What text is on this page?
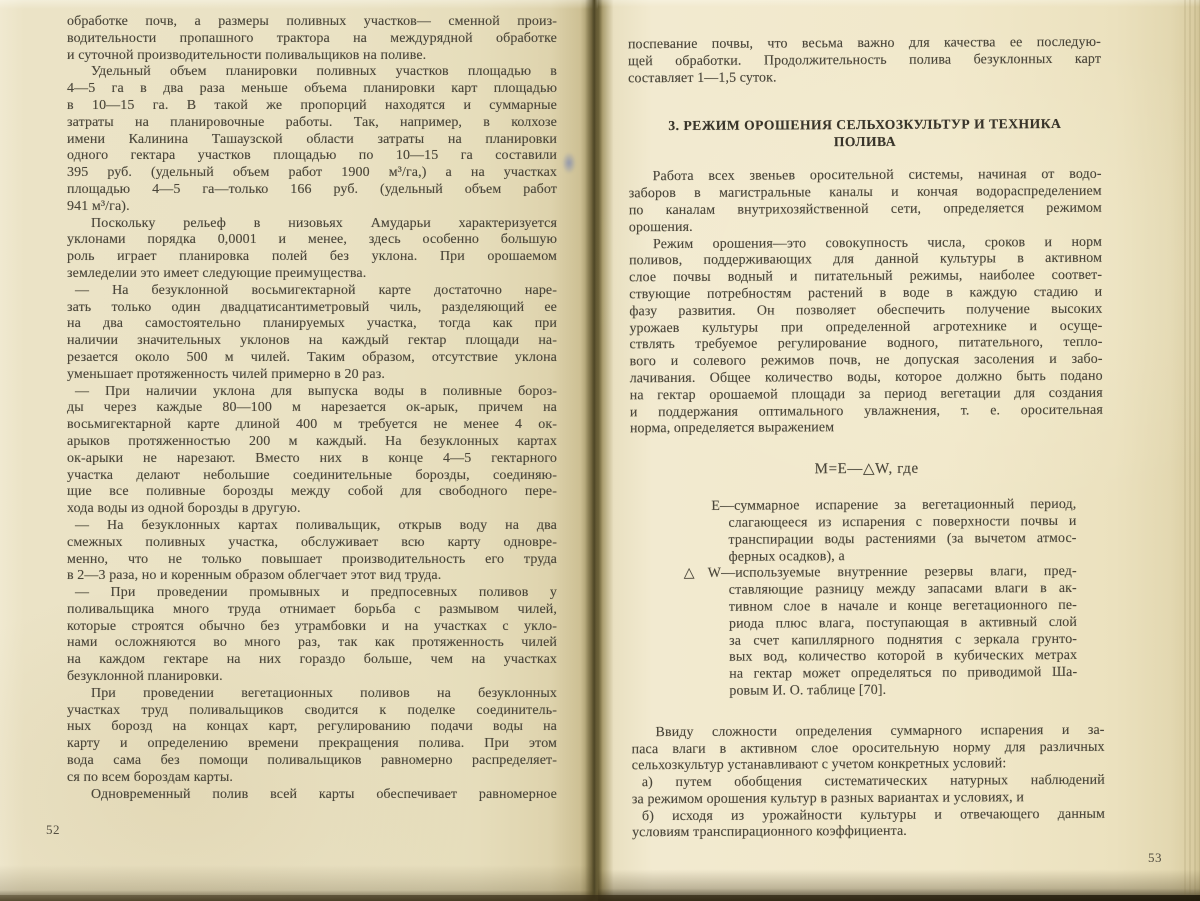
обработке почв, а размеры поливных участков— сменной произ-
водительности пропашного трактора на междурядной обработке
и суточной производительности поливальщиков на поливе.
Удельный объем планировки поливных участков площадью в
4—5 га в два раза меньше объема планировки карт площадью
в 10—15 га. В такой же пропорций находятся и суммарные
затраты на планировочные работы. Так, например, в колхозе
имени Калинина Ташаузской области затраты на планировки
одного гектара участков площадью по 10—15 га составили
395 руб. (удельный объем работ 1900 м³/га,) а на участках
площадью 4—5 га—только 166 руб. (удельный объем работ
941 м³/га).
Поскольку рельеф в низовьях Амударьи характеризуется
уклонами порядка 0,0001 и менее, здесь особенно большую
роль играет планировка полей без уклона. При орошаемом
земледелии это имеет следующие преимущества.
— На безуклонной восьмигектарной карте достаточно наре-
зать только один двадцатисантиметровый чиль, разделяющий ее
на два самостоятельно планируемых участка, тогда как при
наличии значительных уклонов на каждый гектар площади на-
резается около 500 м чилей. Таким образом, отсутствие уклона
уменьшает протяженность чилей примерно в 20 раз.
— При наличии уклона для выпуска воды в поливные бороз-
ды через каждые 80—100 м нарезается ок-арык, причем на
восьмигектарной карте длиной 400 м требуется не менее 4 ок-
арыков протяженностью 200 м каждый. На безуклонных картах
ок-арыки не нарезают. Вместо них в конце 4—5 гектарного
участка делают небольшие соединительные борозды, соединяю-
щие все поливные борозды между собой для свободного пере-
хода воды из одной борозды в другую.
— На безуклонных картах поливальщик, открыв воду на два
смежных поливных участка, обслуживает всю карту одновре-
менно, что не только повышает производительность его труда
в 2—3 раза, но и коренным образом облегчает этот вид труда.
— При проведении промывных и предпосевных поливов у
поливальщика много труда отнимает борьба с размывом чилей,
которые строятся обычно без утрамбовки и на участках с укло-
нами осложняются во много раз, так как протяженность чилей
на каждом гектаре на них гораздо больше, чем на участках
безуклонной планировки.
При проведении вегетационных поливов на безуклонных
участках труд поливальщиков сводится к поделке соединитель-
ных борозд на концах карт, регулированию подачи воды на
карту и определению времени прекращения полива. При этом
вода сама без помощи поливальщиков равномерно распределяет-
ся по всем бороздам карты.
Одновременный полив всей карты обеспечивает равномерное
52
поспевание почвы, что весьма важно для качества ее последую-
щей обработки. Продолжительность полива безуклонных карт
составляет 1—1,5 суток.
3. РЕЖИМ ОРОШЕНИЯ СЕЛЬХОЗКУЛЬТУР И ТЕХНИКА
ПОЛИВА
Работа всех звеньев оросительной системы, начиная от водо-
заборов в магистральные каналы и кончая водораспределением
по каналам внутрихозяйственной сети, определяется режимом
орошения.
Режим орошения—это совокупность числа, сроков и норм
поливов, поддерживающих для данной культуры в активном
слое почвы водный и питательный режимы, наиболее соответ-
ствующие потребностям растений в воде в каждую стадию и
фазу развития. Он позволяет обеспечить получение высоких
урожаев культуры при определенной агротехнике и осуще-
ствлять требуемое регулирование водного, питательного, тепло-
вого и солевого режимов почв, не допуская засоления и забо-
лачивания. Общее количество воды, которое должно быть подано
на гектар орошаемой площади за период вегетации для создания
и поддержания оптимального увлажнения, т. е. оросительная
норма, определяется выражением
M=E—△W, где
E—суммарное испарение за вегетационный период,
слагающееся из испарения с поверхности почвы и
транспирации воды растениями (за вычетом атмос-
ферных осадков), а
△W—используемые внутренние резервы влаги, пред-
ставляющие разницу между запасами влаги в ак-
тивном слое в начале и конце вегетационного пе-
риода плюс влага, поступающая в активный слой
за счет капиллярного поднятия с зеркала грунто-
вых вод, количество которой в кубических метрах
на гектар может определяться по приводимой Ша-
ровым И. О. таблице [70].
Ввиду сложности определения суммарного испарения и за-
паса влаги в активном слое оросительную норму для различных
сельхозкультур устанавливают с учетом конкретных условий:
а) путем обобщения систематических натурных наблюдений
за режимом орошения культур в разных вариантах и условиях, и
б) исходя из урожайности культуры и отвечающего данным
условиям транспирационного коэффициента.
53
